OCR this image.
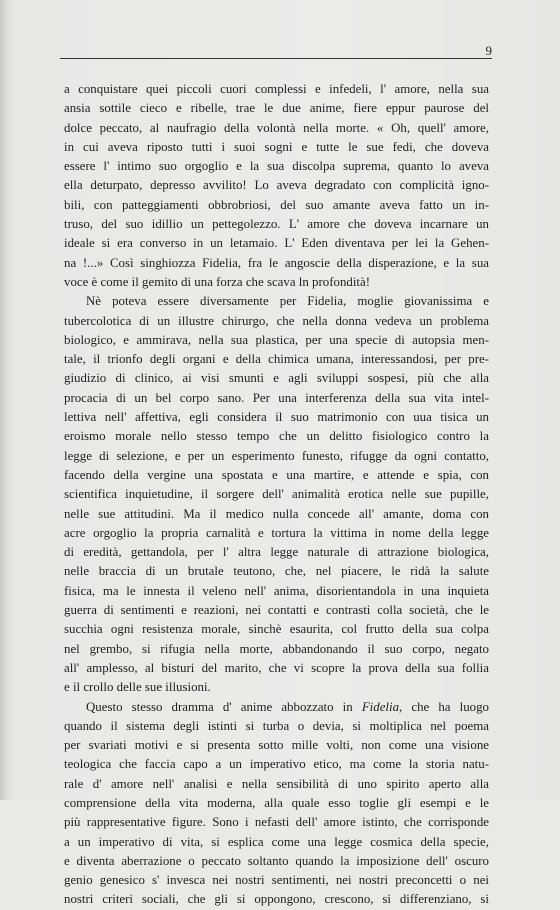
9
a conquistare quei piccoli cuori complessi e infedeli, l' amore, nella sua
ansia sottile cieco e ribelle, trae le due anime, fiere eppur paurose del
dolce peccato, al naufragio della volontà nella morte. « Oh, quell' amore,
in cui aveva riposto tutti i suoi sogni e tutte le sue fedi, che doveva
essere l' intimo suo orgoglio e la sua discolpa suprema, quanto lo aveva
ella deturpato, depresso avvilito! Lo aveva degradato con complicità igno-
bili, con patteggiamenti obbrobriosi, del suo amante aveva fatto un in-
truso, del suo idillio un pettegolezzo. L' amore che doveva incarnare un
ideale si era converso in un letamaio. L' Eden diventava per lei la Gehen-
na !...» Così singhiozza Fidelia, fra le angoscie della disperazione, e la sua
voce è come il gemito di una forza che scava ln profondità!
Nè poteva essere diversamente per Fidelia, moglie giovanissima e
tubercolotica di un illustre chirurgo, che nella donna vedeva un problema
biologico, e ammirava, nella sua plastica, per una specie di autopsia men-
tale, il trionfo degli organi e della chimica umana, interessandosi, per pre-
giudizio di clinico, ai visi smunti e agli sviluppi sospesi, più che alla
procacia di un bel corpo sano. Per una interferenza della sua vita intel-
lettiva nell' affettiva, egli considera il suo matrimonio con uua tisica un
eroismo morale nello stesso tempo che un delitto fisiologico contro la
legge di selezione, e per un esperimento funesto, rifugge da ogni contatto,
facendo della vergine una spostata e una martire, e attende e spia, con
scientifica inquietudine, il sorgere dell' animalità erotica nelle sue pupille,
nelle sue attitudini. Ma il medico nulla concede all' amante, doma con
acre orgoglio la propria carnalità e tortura la vittima in nome della legge
di eredità, gettandola, per l' altra legge naturale di attrazione biologica,
nelle braccia di un brutale teutono, che, nel piacere, le ridà la salute
fisica, ma le innesta il veleno nell' anima, disorientandola in una inquieta
guerra di sentimenti e reazioni, nei contatti e contrasti colla società, che le
succhia ogni resistenza morale, sinchè esaurita, col frutto della sua colpa
nel grembo, si rifugia nella morte, abbandonando il suo corpo, negato
all' amplesso, al bisturi del marito, che vi scopre la prova della sua follia
e il crollo delle sue illusioni.
Questo stesso dramma d' anime abbozzato in Fidelia, che ha luogo
quando il sistema degli istinti si turba o devia, si moltiplica nel poema
per svariati motivi e si presenta sotto mille volti, non come una visione
teologica che faccia capo a un imperativo etico, ma come la storia natu-
rale d' amore nell' analisi e nella sensibilità di uno spirito aperto alla
comprensione della vita moderna, alla quale esso toglie gli esempi e le
più rappresentative figure. Sono i nefasti dell' amore istinto, che corrisponde
a un imperativo di vita, si esplica come una legge cosmica della specie,
e diventa aberrazione o peccato soltanto quando la imposizione dell' oscuro
genio genesico s' invesca nei nostri sentimenti, nei nostri preconcetti o nei
nostri criteri sociali, che gli si oppongono, crescono, si differenziano, si
